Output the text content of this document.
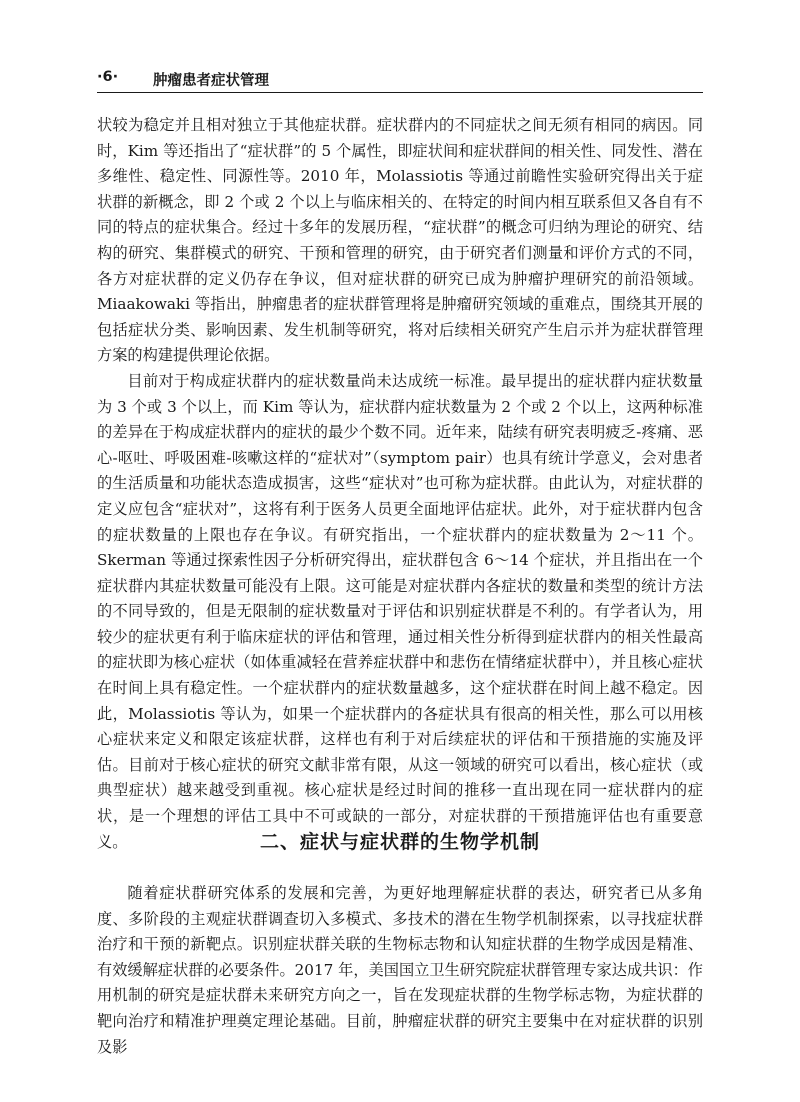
·6· 肿瘤患者症状管理

状较为稳定并且相对独立于其他症状群。症状群内的不同症状之间无须有相同的病因。同时，Kim 等还指出了“症状群”的 5 个属性，即症状间和症状群间的相关性、同发性、潜在多维性、稳定性、同源性等。2010 年，Molassiotis 等通过前瞻性实验研究得出关于症状群的新概念，即 2 个或 2 个以上与临床相关的、在特定的时间内相互联系但又各自有不同的特点的症状集合。经过十多年的发展历程，“症状群”的概念可归纳为理论的研究、结构的研究、集群模式的研究、干预和管理的研究，由于研究者们测量和评价方式的不同，各方对症状群的定义仍存在争议，但对症状群的研究已成为肿瘤护理研究的前沿领域。Miaakowaki 等指出，肿瘤患者的症状群管理将是肿瘤研究领域的重难点，围绕其开展的包括症状分类、影响因素、发生机制等研究，将对后续相关研究产生启示并为症状群管理方案的构建提供理论依据。

目前对于构成症状群内的症状数量尚未达成统一标准。最早提出的症状群内症状数量为 3 个或 3 个以上，而 Kim 等认为，症状群内症状数量为 2 个或 2 个以上，这两种标准的差异在于构成症状群内的症状的最少个数不同。近年来，陆续有研究表明疲乏-疼痛、恶心-呕吐、呼吸困难-咳嗽这样的“症状对”（symptom pair）也具有统计学意义，会对患者的生活质量和功能状态造成损害，这些“症状对”也可称为症状群。由此认为，对症状群的定义应包含“症状对”，这将有利于医务人员更全面地评估症状。此外，对于症状群内包含的症状数量的上限也存在争议。有研究指出，一个症状群内的症状数量为 2～11 个。Skerman 等通过探索性因子分析研究得出，症状群包含 6～14 个症状，并且指出在一个症状群内其症状数量可能没有上限。这可能是对症状群内各症状的数量和类型的统计方法的不同导致的，但是无限制的症状数量对于评估和识别症状群是不利的。有学者认为，用较少的症状更有利于临床症状的评估和管理，通过相关性分析得到症状群内的相关性最高的症状即为核心症状（如体重减轻在营养症状群中和悲伤在情绪症状群中），并且核心症状在时间上具有稳定性。一个症状群内的症状数量越多，这个症状群在时间上越不稳定。因此，Molassiotis 等认为，如果一个症状群内的各症状具有很高的相关性，那么可以用核心症状来定义和限定该症状群，这样也有利于对后续症状的评估和干预措施的实施及评估。目前对于核心症状的研究文献非常有限，从这一领域的研究可以看出，核心症状（或典型症状）越来越受到重视。核心症状是经过时间的推移一直出现在同一症状群内的症状，是一个理想的评估工具中不可或缺的一部分，对症状群的干预措施评估也有重要意义。	二、症状与症状群的生物学机制

随着症状群研究体系的发展和完善，为更好地理解症状群的表达，研究者已从多角度、多阶段的主观症状群调查切入多模式、多技术的潜在生物学机制探索，以寻找症状群治疗和干预的新靶点。识别症状群关联的生物标志物和认知症状群的生物学成因是精准、有效缓解症状群的必要条件。2017 年，美国国立卫生研究院症状群管理专家达成共识：作用机制的研究是症状群未来研究方向之一，旨在发现症状群的生物学标志物，为症状群的靶向治疗和精准护理奠定理论基础。目前，肿瘤症状群的研究主要集中在对症状群的识别及影
